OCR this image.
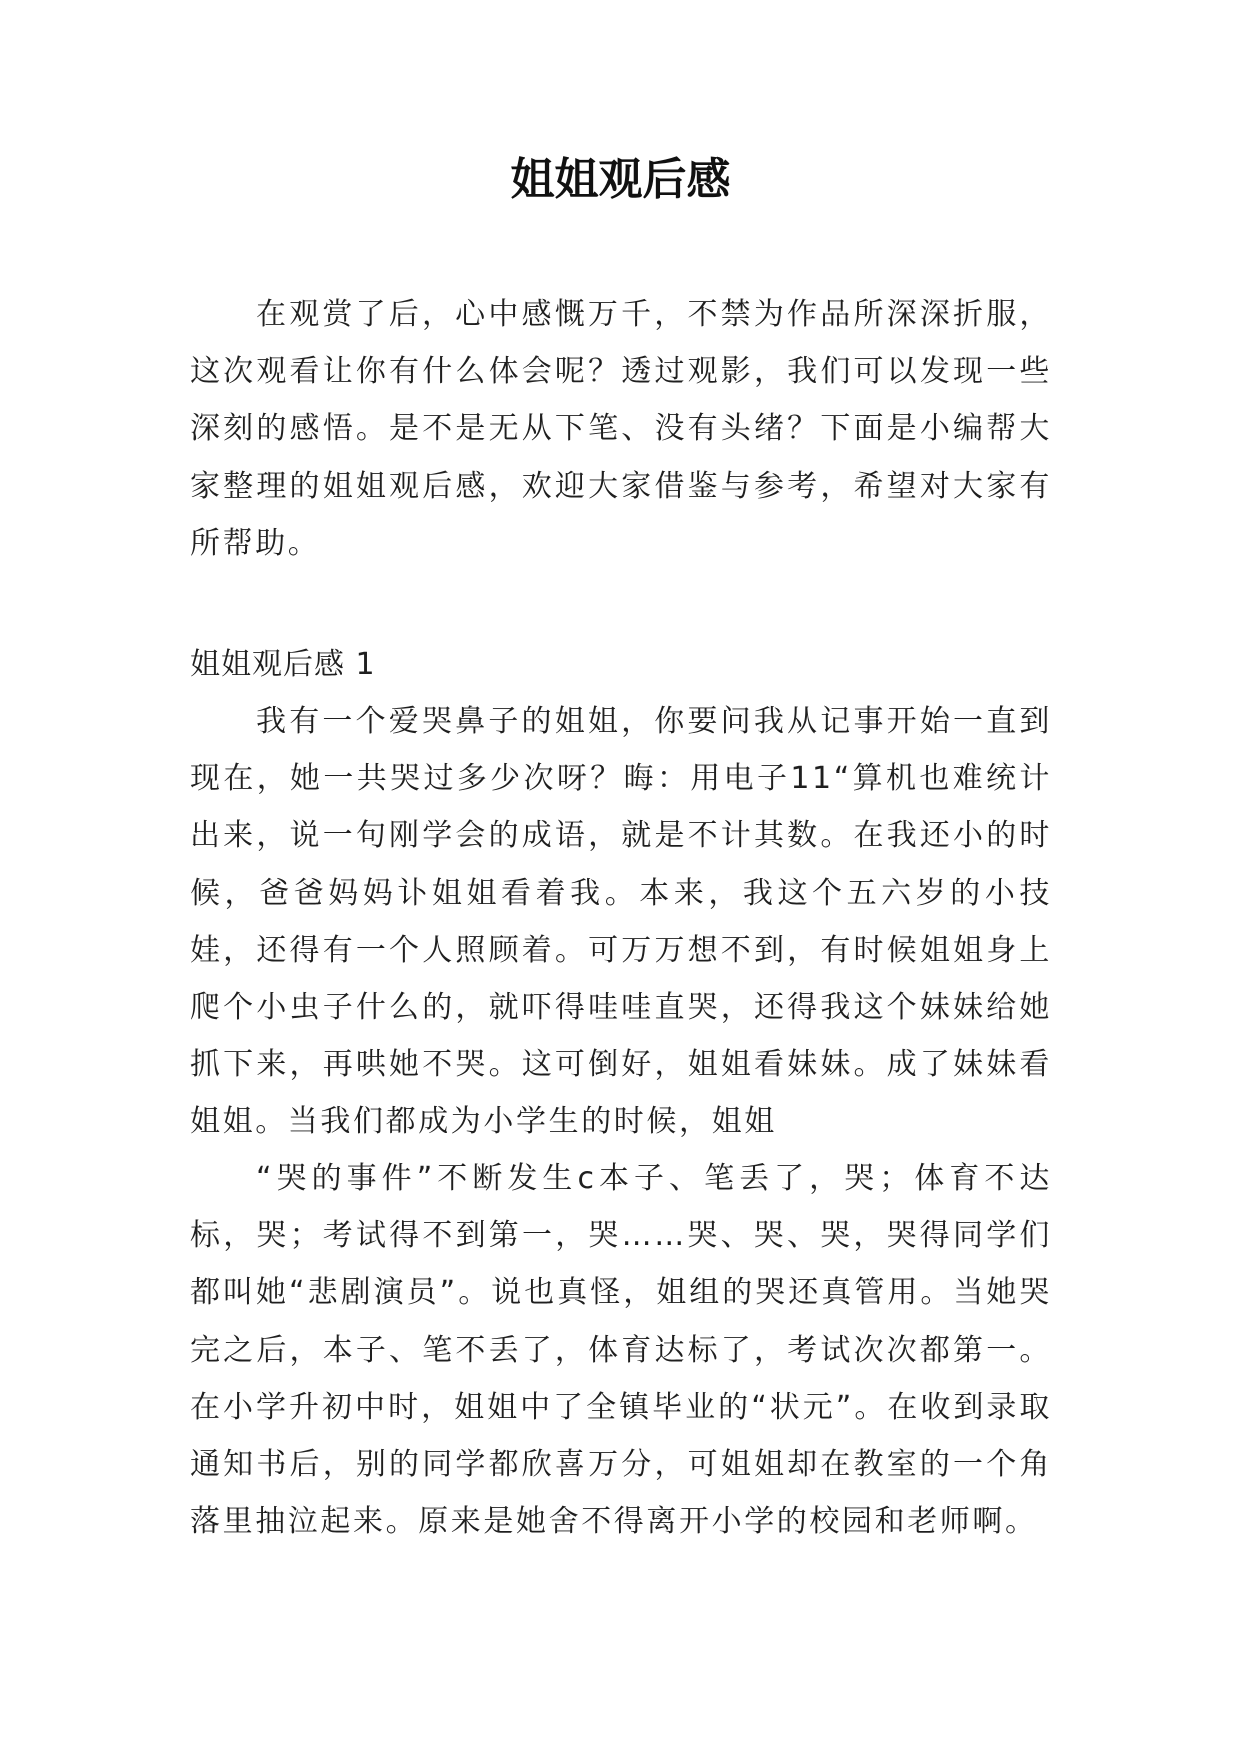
姐姐观后感

在观赏了后，心中感慨万千，不禁为作品所深深折服，这次观看让你有什么体会呢？透过观影，我们可以发现一些深刻的感悟。是不是无从下笔、没有头绪？下面是小编帮大家整理的姐姐观后感，欢迎大家借鉴与参考，希望对大家有所帮助。

姐姐观后感 1

我有一个爱哭鼻子的姐姐，你要问我从记事开始一直到现在，她一共哭过多少次呀？晦：用电子11“算机也难统计出来，说一句刚学会的成语，就是不计其数。在我还小的时候，爸爸妈妈讣姐姐看着我。本来，我这个五六岁的小技娃，还得有一个人照顾着。可万万想不到，有时候姐姐身上爬个小虫子什么的，就吓得哇哇直哭，还得我这个妹妹给她抓下来，再哄她不哭。这可倒好，姐姐看妹妹。成了妹妹看姐姐。当我们都成为小学生的时候，姐姐

“哭的事件”不断发生c本子、笔丢了，哭；体育不达标，哭；考试得不到第一，哭……哭、哭、哭，哭得同学们都叫她“悲剧演员”。说也真怪，姐组的哭还真管用。当她哭完之后，本子、笔不丢了，体育达标了，考试次次都第一。在小学升初中时，姐姐中了全镇毕业的“状元”。在收到录取通知书后，别的同学都欣喜万分，可姐姐却在教室的一个角落里抽泣起来。原来是她舍不得离开小学的校园和老师啊。
